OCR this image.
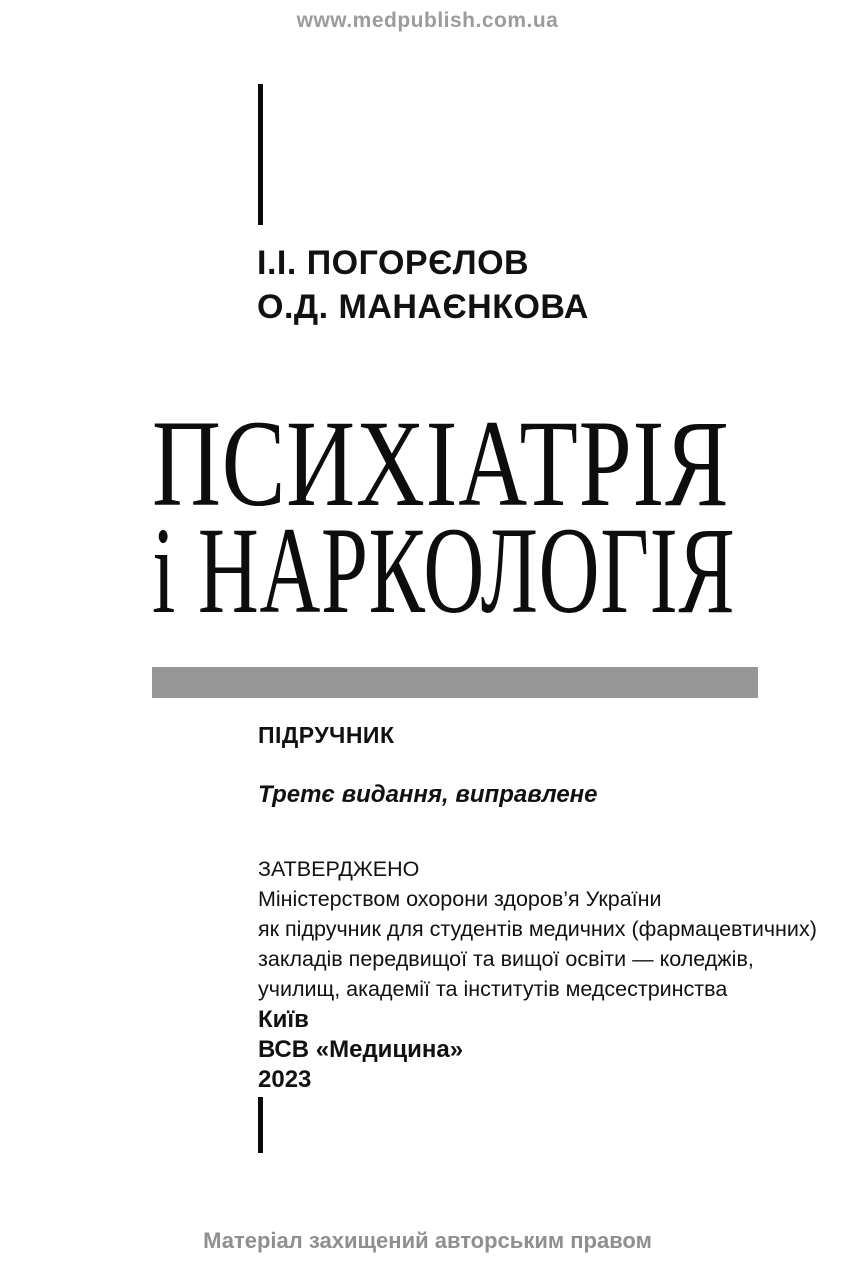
www.medpublish.com.ua
І.І. ПОГОРЄЛОВ
О.Д. МАНАЄНКОВА
ПСИХІАТРІЯ
і НАРКОЛОГІЯ
ПІДРУЧНИК
Третє видання, виправлене
ЗАТВЕРДЖЕНО
Міністерством охорони здоров’я України
як підручник для студентів медичних (фармацевтичних)
закладів передвищої та вищої освіти — коледжів,
училищ, академії та інститутів медсестринства
Київ
ВСВ «Медицина»
2023
Матеріал захищений авторським правом
